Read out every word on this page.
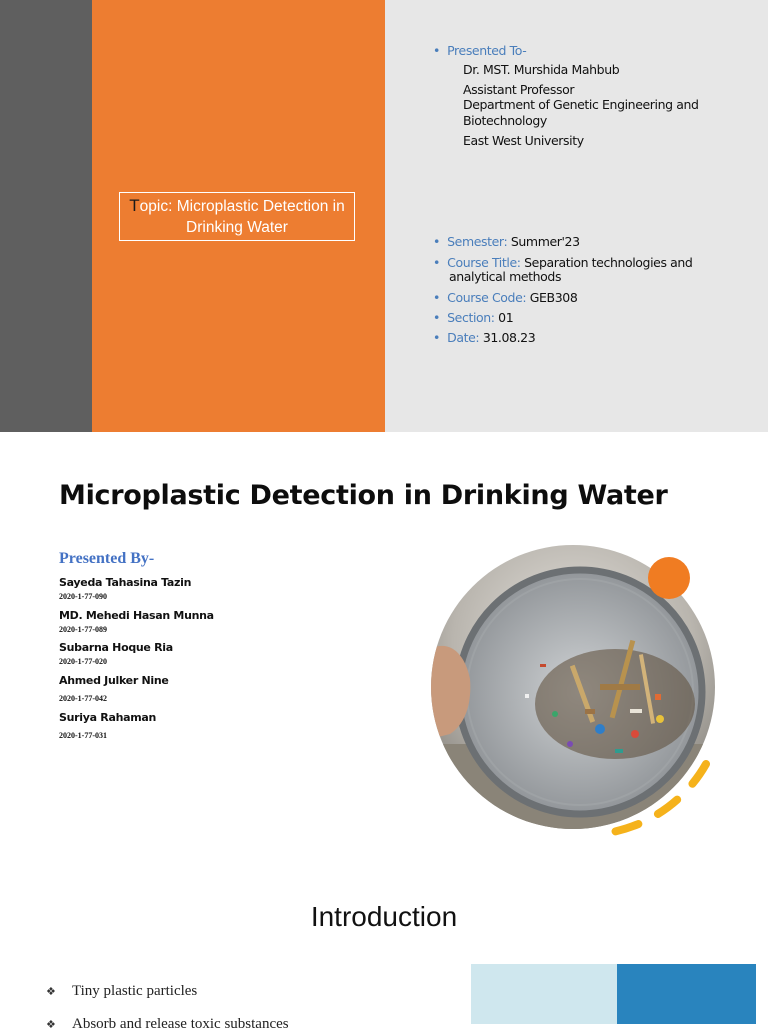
Topic: Microplastic Detection in Drinking Water
• Presented To-
Dr. MST. Murshida Mahbub
Assistant Professor
Department of Genetic Engineering and
Biotechnology
East West University
• Semester: Summer'23
• Course Title: Separation technologies and
analytical methods
• Course Code: GEB308
• Section: 01
• Date: 31.08.23
Microplastic Detection in Drinking Water
Presented By-
Sayeda Tahasina Tazin
2020-1-77-090
MD. Mehedi Hasan Munna
2020-1-77-089
Subarna Hoque Ria
2020-1-77-020
Ahmed Julker Nine
2020-1-77-042
Suriya Rahaman
2020-1-77-031
Introduction
❖ Tiny plastic particles
❖ Absorb and release toxic substances
